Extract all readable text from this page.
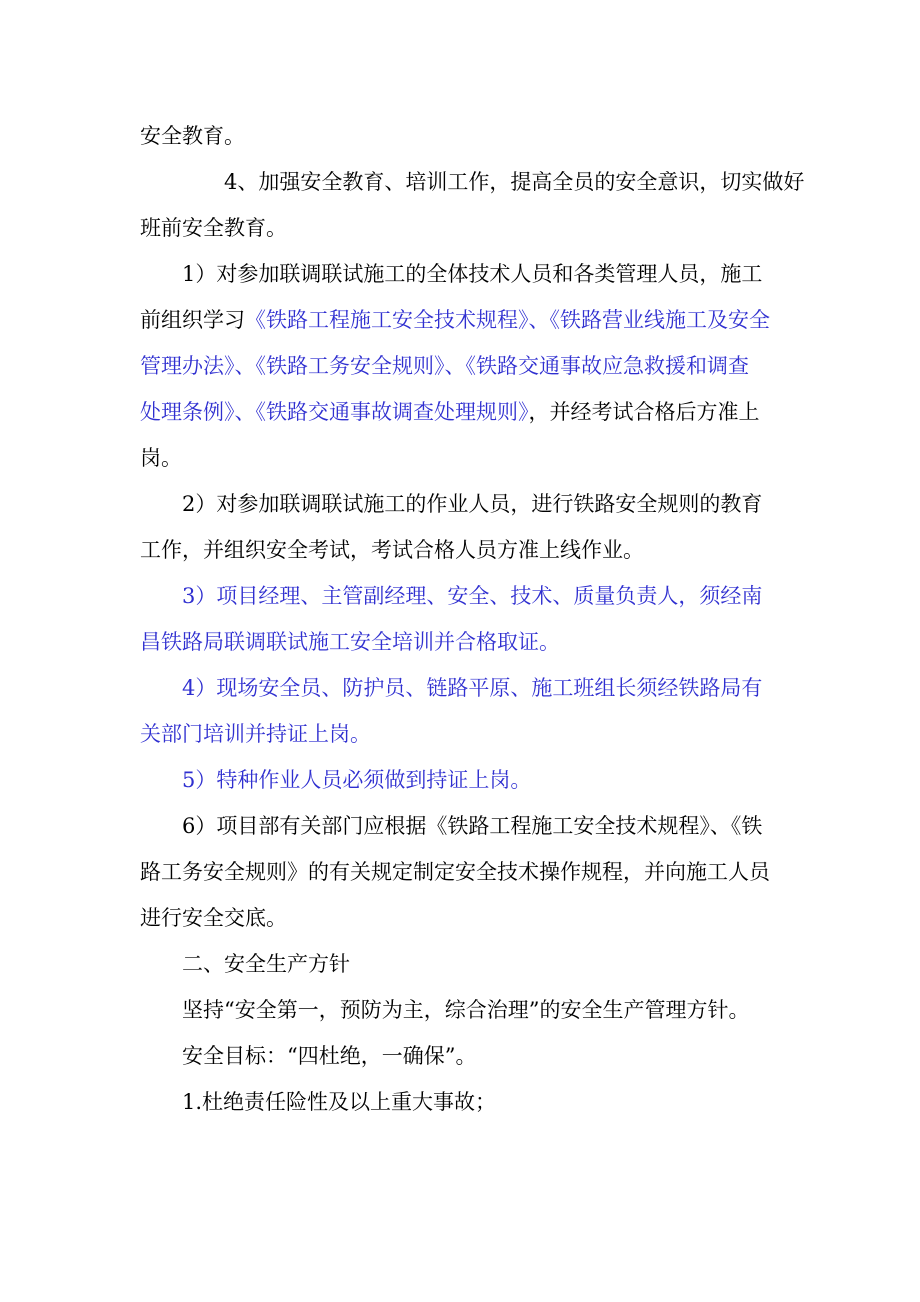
安全教育。
4、加强安全教育、培训工作，提高全员的安全意识，切实做好
班前安全教育。
1）对参加联调联试施工的全体技术人员和各类管理人员，施工
前组织学习《铁路工程施工安全技术规程》、《铁路营业线施工及安全
管理办法》、《铁路工务安全规则》、《铁路交通事故应急救援和调查
处理条例》、《铁路交通事故调查处理规则》，并经考试合格后方准上
岗。
2）对参加联调联试施工的作业人员，进行铁路安全规则的教育
工作，并组织安全考试，考试合格人员方准上线作业。
3）项目经理、主管副经理、安全、技术、质量负责人，须经南
昌铁路局联调联试施工安全培训并合格取证。
4）现场安全员、防护员、链路平原、施工班组长须经铁路局有
关部门培训并持证上岗。
5）特种作业人员必须做到持证上岗。
6）项目部有关部门应根据《铁路工程施工安全技术规程》、《铁
路工务安全规则》的有关规定制定安全技术操作规程，并向施工人员
进行安全交底。
二、安全生产方针
坚持“安全第一，预防为主，综合治理”的安全生产管理方针。
安全目标：“四杜绝，一确保”。
1.杜绝责任险性及以上重大事故；
